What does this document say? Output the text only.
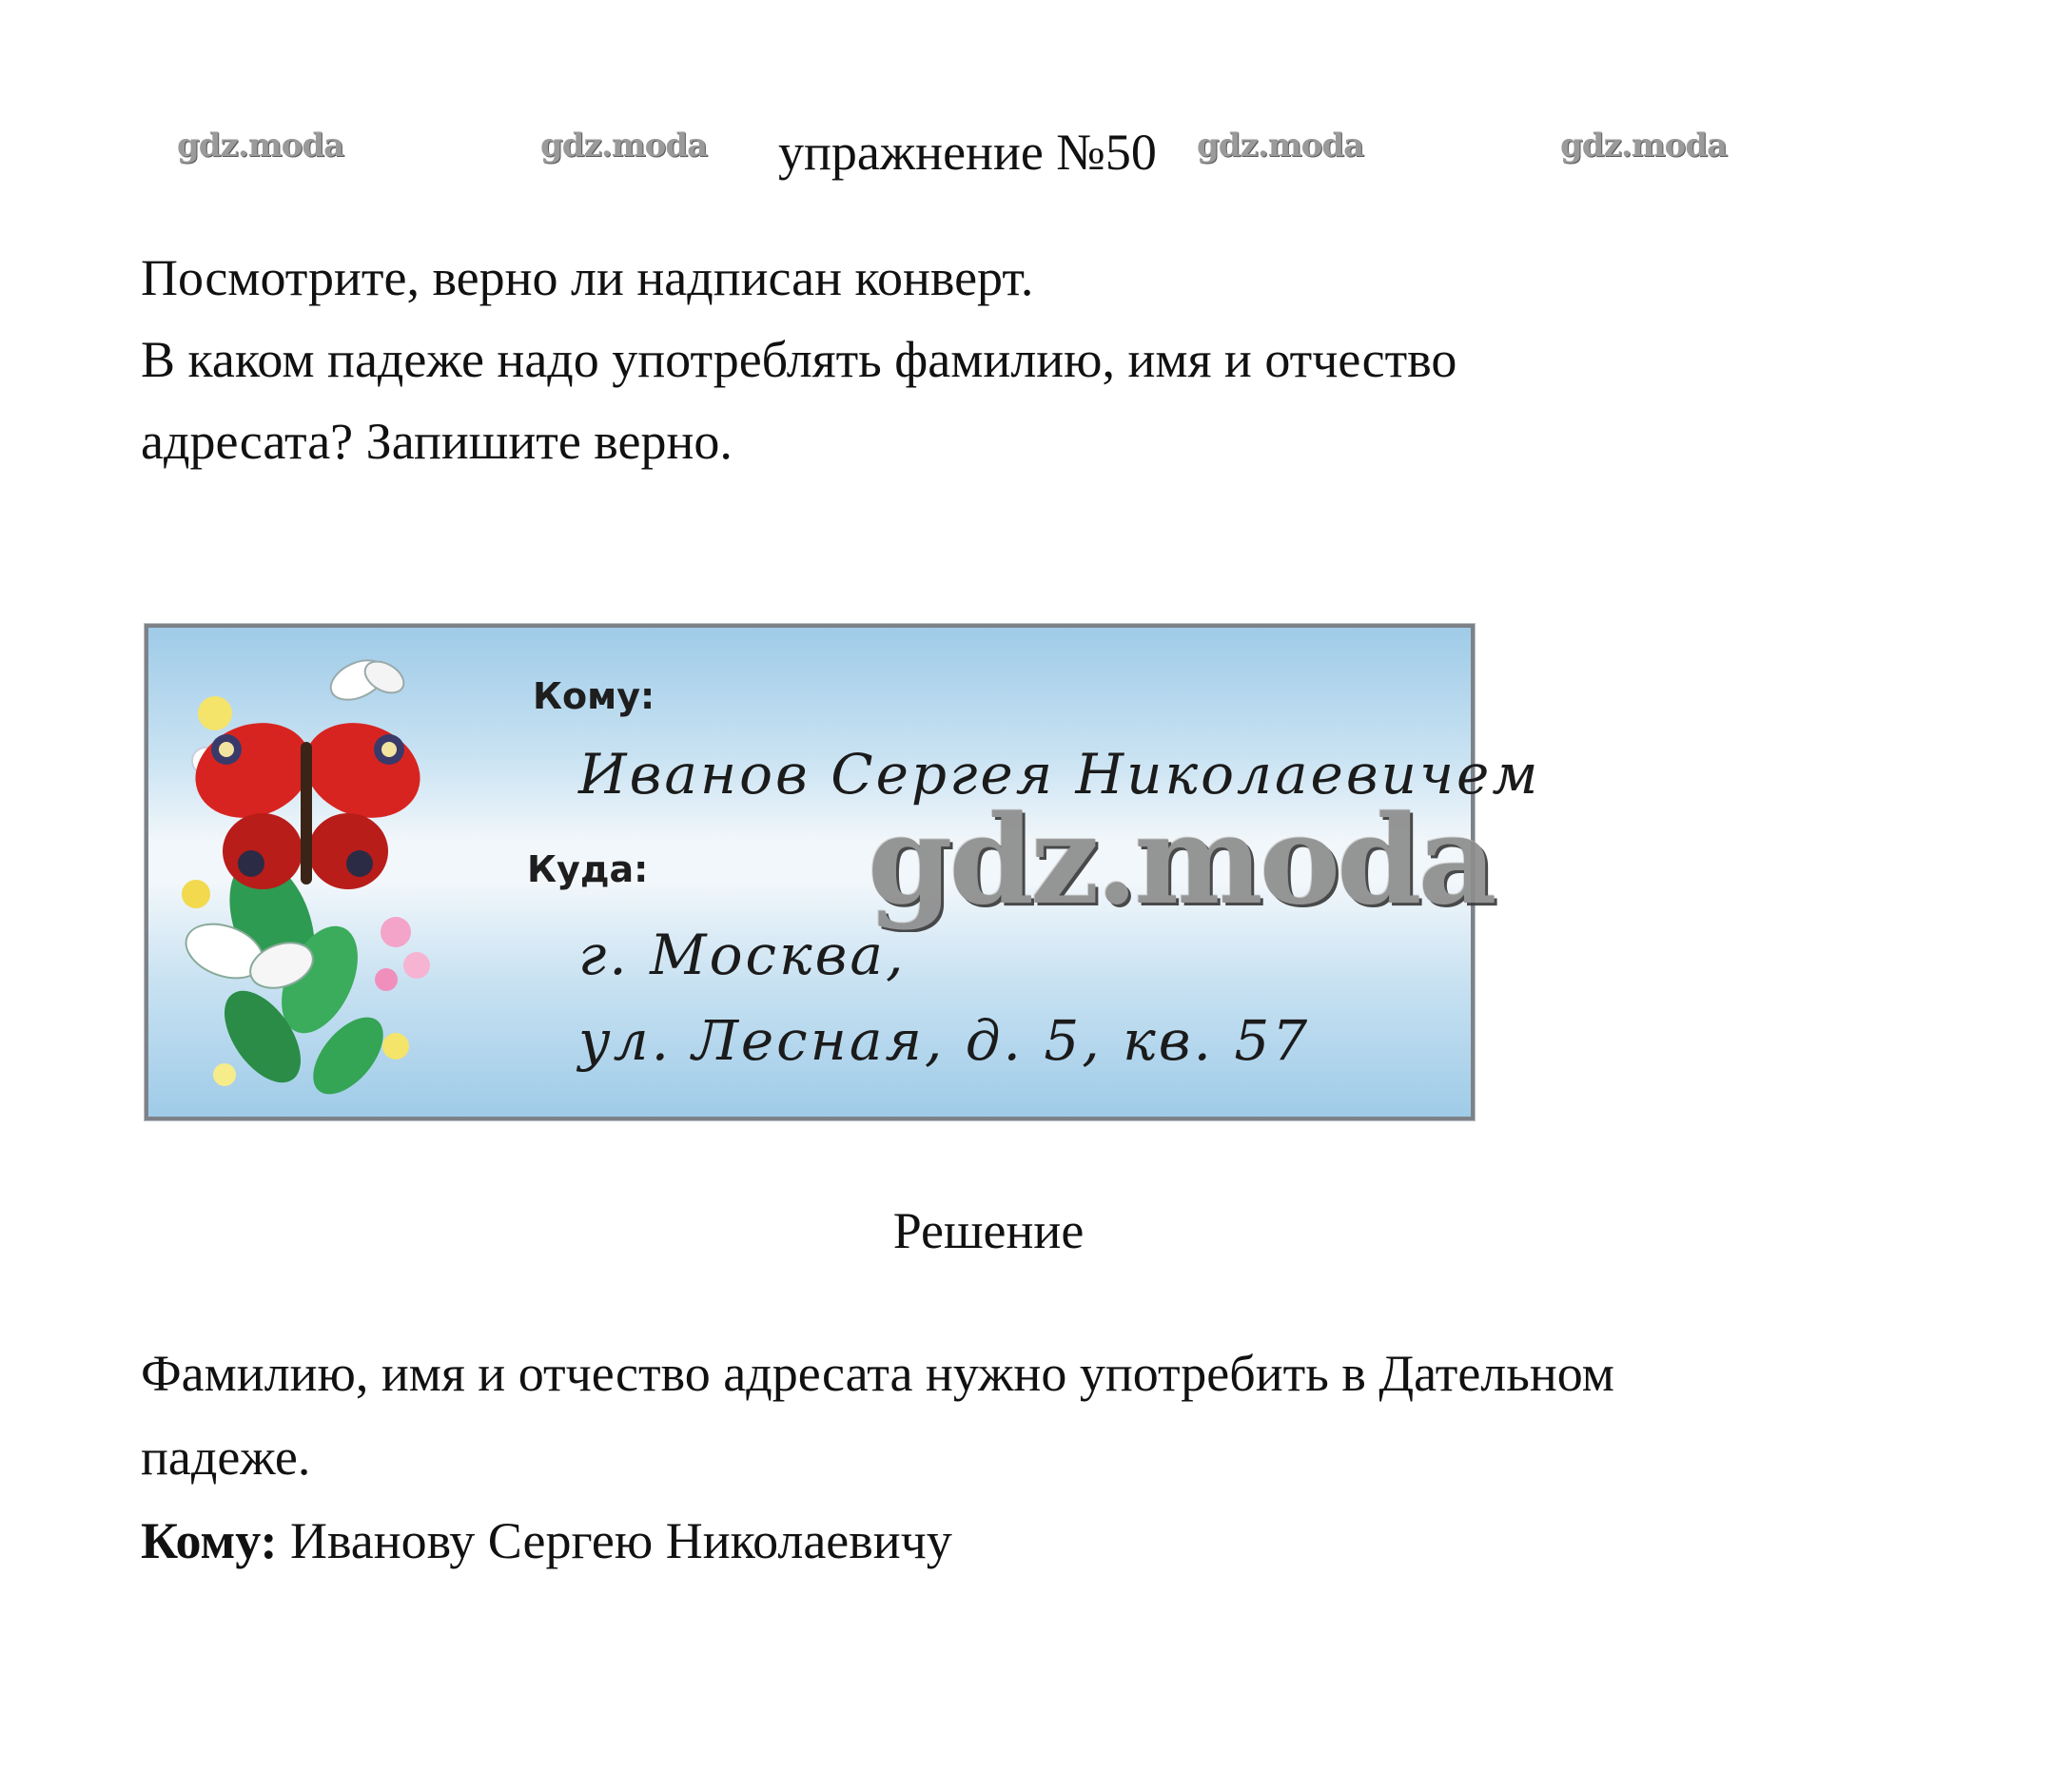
gdz.moda	gdz.moda	gdz.moda	gdz.moda
упражнение №50
Посмотрите, верно ли надписан конверт.
В каком падеже надо употреблять фамилию, имя и отчество
адресата? Запишите верно.
Кому:
Иванов Сергея Николаевичем
Куда:
г. Москва,
ул. Лесная, д. 5, кв. 57
gdz.moda
Решение
Фамилию, имя и отчество адресата нужно употребить в Дательном
падеже.
Кому: Иванову Сергею Николаевичу
